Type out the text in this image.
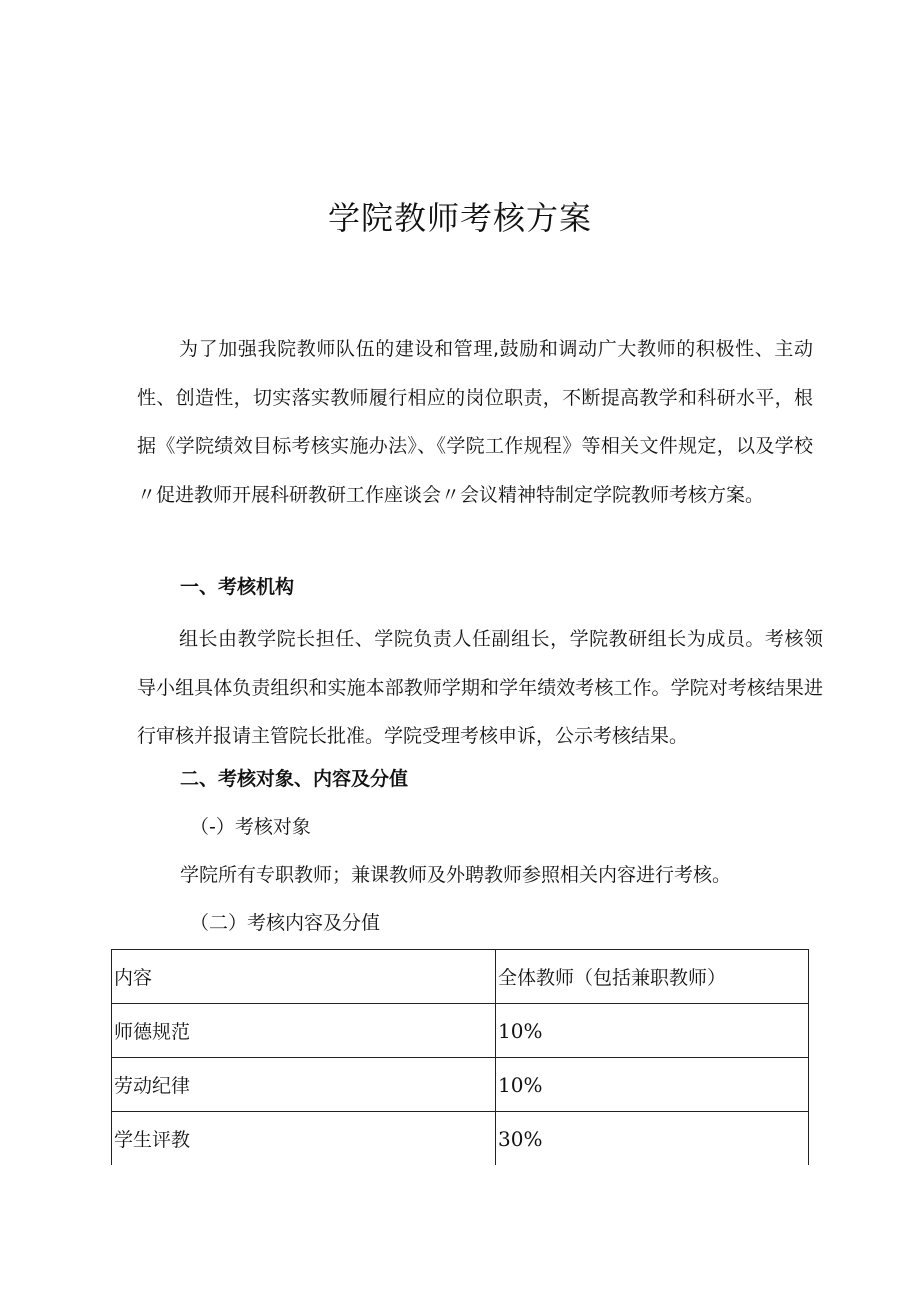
学院教师考核方案

为了加强我院教师队伍的建设和管理,鼓励和调动广大教师的积极性、主动性、创造性，切实落实教师履行相应的岗位职责，不断提高教学和科研水平，根据《学院绩效目标考核实施办法》、《学院工作规程》等相关文件规定，以及学校〃促进教师开展科研教研工作座谈会〃会议精神特制定学院教师考核方案。

一、考核机构

组长由教学院长担任、学院负责人任副组长，学院教研组长为成员。考核领导小组具体负责组织和实施本部教师学期和学年绩效考核工作。学院对考核结果进行审核并报请主管院长批准。学院受理考核申诉，公示考核结果。

二、考核对象、内容及分值

（-）考核对象

学院所有专职教师；兼课教师及外聘教师参照相关内容进行考核。

（二）考核内容及分值

内容	全体教师（包括兼职教师）
师德规范	10%
劳动纪律	10%
学生评教	30%
